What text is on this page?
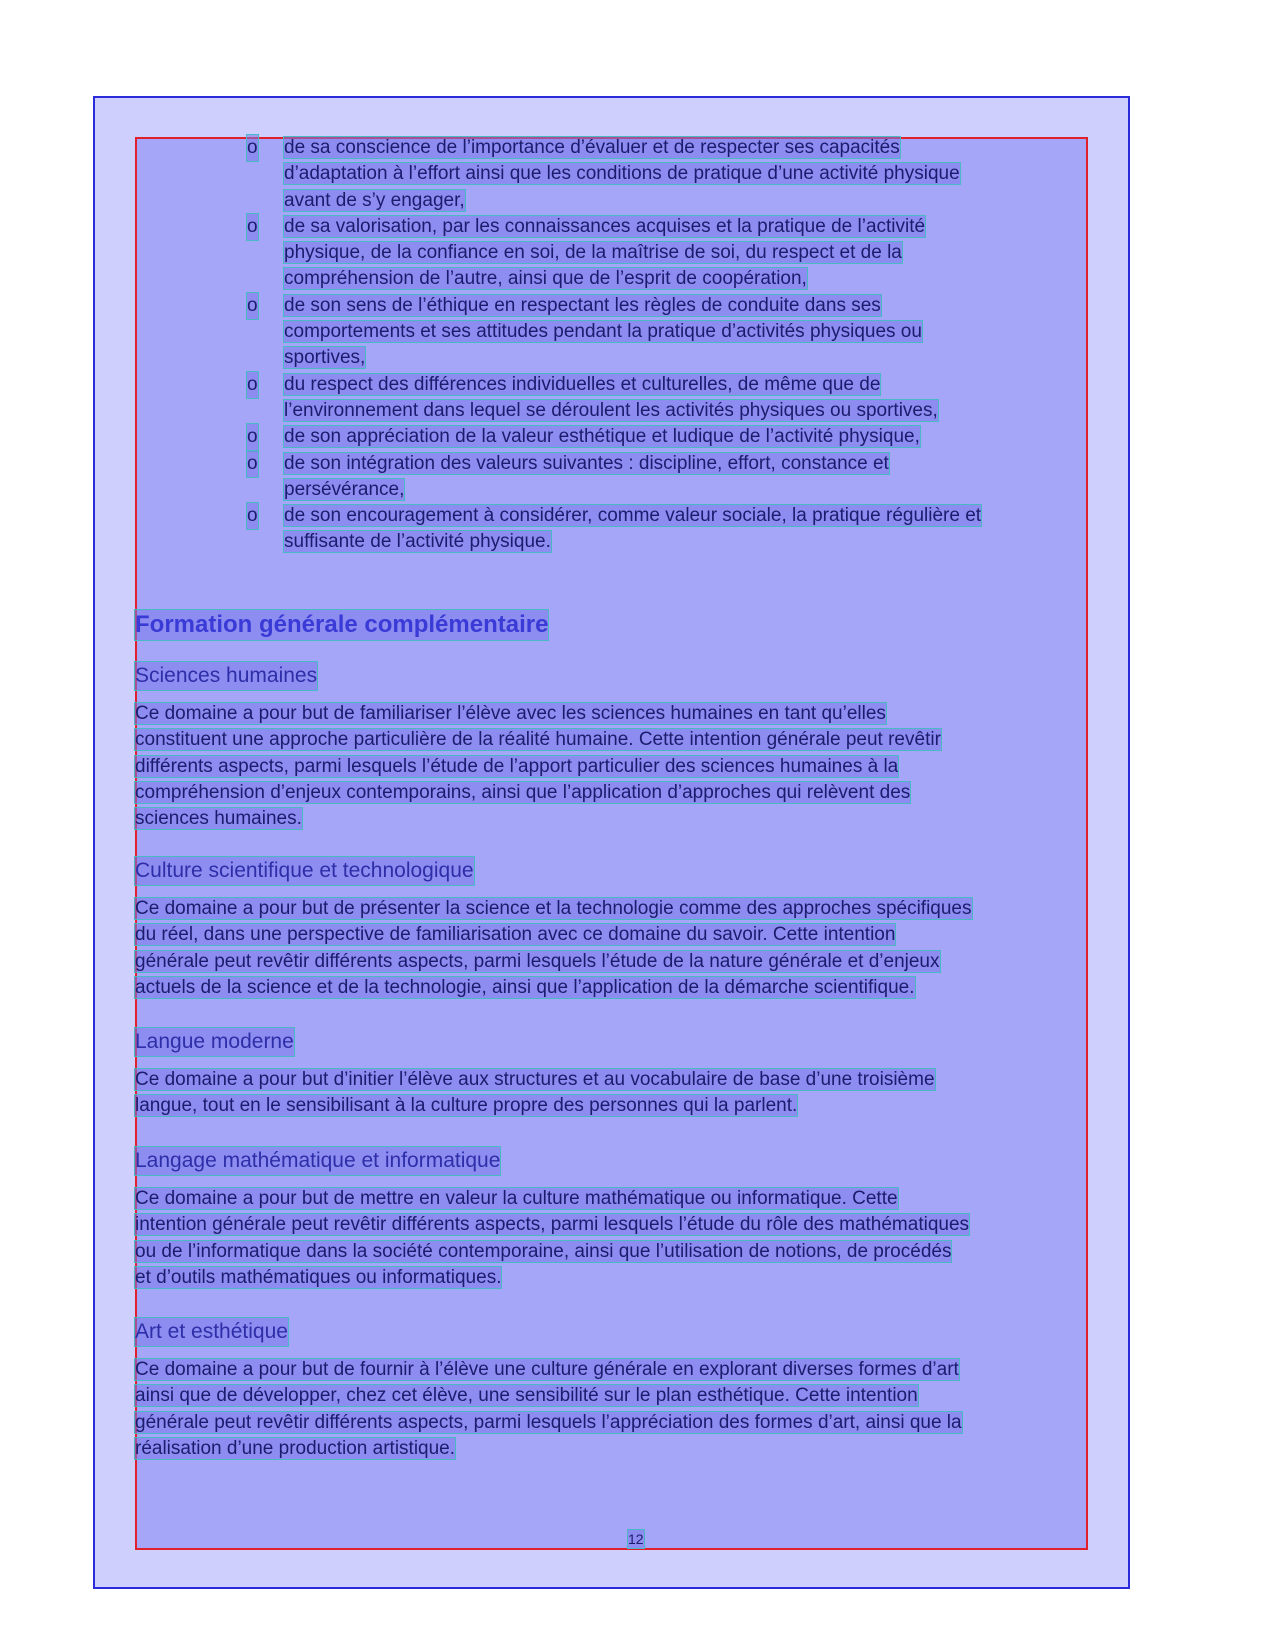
o de sa conscience de l’importance d’évaluer et de respecter ses capacités
d’adaptation à l’effort ainsi que les conditions de pratique d’une activité physique
avant de s’y engager,
o de sa valorisation, par les connaissances acquises et la pratique de l’activité
physique, de la confiance en soi, de la maîtrise de soi, du respect et de la
compréhension de l’autre, ainsi que de l’esprit de coopération,
o de son sens de l’éthique en respectant les règles de conduite dans ses
comportements et ses attitudes pendant la pratique d’activités physiques ou
sportives,
o du respect des différences individuelles et culturelles, de même que de
l’environnement dans lequel se déroulent les activités physiques ou sportives,
o de son appréciation de la valeur esthétique et ludique de l’activité physique,
o de son intégration des valeurs suivantes : discipline, effort, constance et
persévérance,
o de son encouragement à considérer, comme valeur sociale, la pratique régulière et
suffisante de l’activité physique.
Formation générale complémentaire
Sciences humaines
Ce domaine a pour but de familiariser l’élève avec les sciences humaines en tant qu’elles
constituent une approche particulière de la réalité humaine. Cette intention générale peut revêtir
différents aspects, parmi lesquels l’étude de l’apport particulier des sciences humaines à la
compréhension d’enjeux contemporains, ainsi que l’application d’approches qui relèvent des
sciences humaines.
Culture scientifique et technologique
Ce domaine a pour but de présenter la science et la technologie comme des approches spécifiques
du réel, dans une perspective de familiarisation avec ce domaine du savoir. Cette intention
générale peut revêtir différents aspects, parmi lesquels l’étude de la nature générale et d’enjeux
actuels de la science et de la technologie, ainsi que l’application de la démarche scientifique.
Langue moderne
Ce domaine a pour but d’initier l’élève aux structures et au vocabulaire de base d’une troisième
langue, tout en le sensibilisant à la culture propre des personnes qui la parlent.
Langage mathématique et informatique
Ce domaine a pour but de mettre en valeur la culture mathématique ou informatique. Cette
intention générale peut revêtir différents aspects, parmi lesquels l’étude du rôle des mathématiques
ou de l’informatique dans la société contemporaine, ainsi que l’utilisation de notions, de procédés
et d’outils mathématiques ou informatiques.
Art et esthétique
Ce domaine a pour but de fournir à l’élève une culture générale en explorant diverses formes d’art
ainsi que de développer, chez cet élève, une sensibilité sur le plan esthétique. Cette intention
générale peut revêtir différents aspects, parmi lesquels l’appréciation des formes d’art, ainsi que la
réalisation d’une production artistique.
12
